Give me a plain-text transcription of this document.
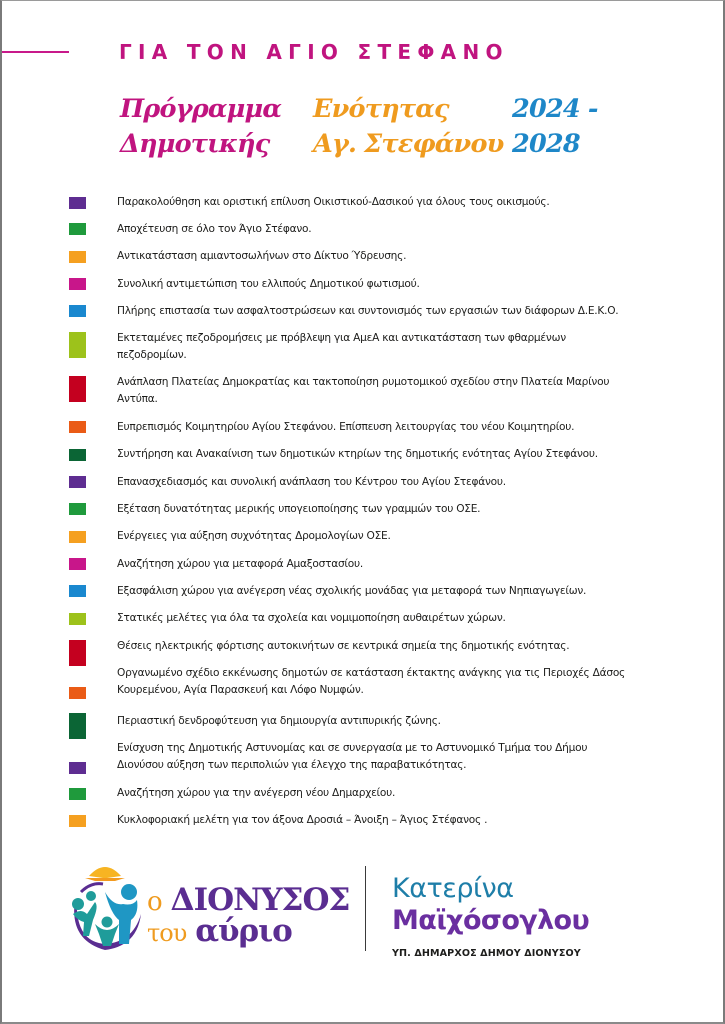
ΓΙΑ ΤΟΝ ΑΓΙΟ ΣΤΕΦΑΝΟ
Πρόγραμμα
Δημοτικής
Ενότητας
Αγ. Στεφάνου
2024 -
2028
Παρακολούθηση και οριστική επίλυση Οικιστικού-Δασικού για όλους τους οικισμούς.
Αποχέτευση σε όλο τον Άγιο Στέφανο.
Αντικατάσταση αμιαντοσωλήνων στο Δίκτυο Ύδρευσης.
Συνολική αντιμετώπιση του ελλιπούς Δημοτικού φωτισμού.
Πλήρης επιστασία των ασφαλτοστρώσεων και συντονισμός των εργασιών των διάφορων Δ.Ε.Κ.Ο.
Εκτεταμένες πεζοδρομήσεις με πρόβλεψη για ΑμεΑ και αντικατάσταση των φθαρμένων πεζοδρομίων.
Ανάπλαση Πλατείας Δημοκρατίας και τακτοποίηση ρυμοτομικού σχεδίου στην Πλατεία Μαρίνου Αντύπα.
Ευπρεπισμός Κοιμητηρίου Αγίου Στεφάνου. Επίσπευση λειτουργίας του νέου Κοιμητηρίου.
Συντήρηση και Ανακαίνιση των δημοτικών κτηρίων της δημοτικής ενότητας Αγίου Στεφάνου.
Επανασχεδιασμός και συνολική ανάπλαση του Κέντρου του Αγίου Στεφάνου.
Εξέταση δυνατότητας μερικής υπογειοποίησης των γραμμών του ΟΣΕ.
Ενέργειες για αύξηση συχνότητας Δρομολογίων ΟΣΕ.
Αναζήτηση χώρου για μεταφορά Αμαξοστασίου.
Εξασφάλιση χώρου για ανέγερση νέας σχολικής μονάδας για μεταφορά των Νηπιαγωγείων.
Στατικές μελέτες για όλα τα σχολεία και νομιμοποίηση αυθαιρέτων χώρων.
Θέσεις ηλεκτρικής φόρτισης αυτοκινήτων σε κεντρικά σημεία της δημοτικής ενότητας.
Οργανωμένο σχέδιο εκκένωσης δημοτών σε κατάσταση έκτακτης ανάγκης για τις Περιοχές Δάσος Κουρεμένου, Αγία Παρασκευή και Λόφο Νυμφών.
Περιαστική δενδροφύτευση για δημιουργία αντιπυρικής ζώνης.
Ενίσχυση της Δημοτικής Αστυνομίας και σε συνεργασία με το Αστυνομικό Τμήμα του Δήμου Διονύσου αύξηση των περιπολιών για έλεγχο της παραβατικότητας.
Αναζήτηση χώρου για την ανέγερση νέου Δημαρχείου.
Κυκλοφοριακή μελέτη για τον άξονα Δροσιά – Άνοιξη – Άγιος Στέφανος .
ο ΔΙΟΝΥΣΟΣ
του αύριο
Κατερίνα
Μαϊχόσογλου
ΥΠ. ΔΗΜΑΡΧΟΣ ΔΗΜΟΥ ΔΙΟΝΥΣΟΥ
